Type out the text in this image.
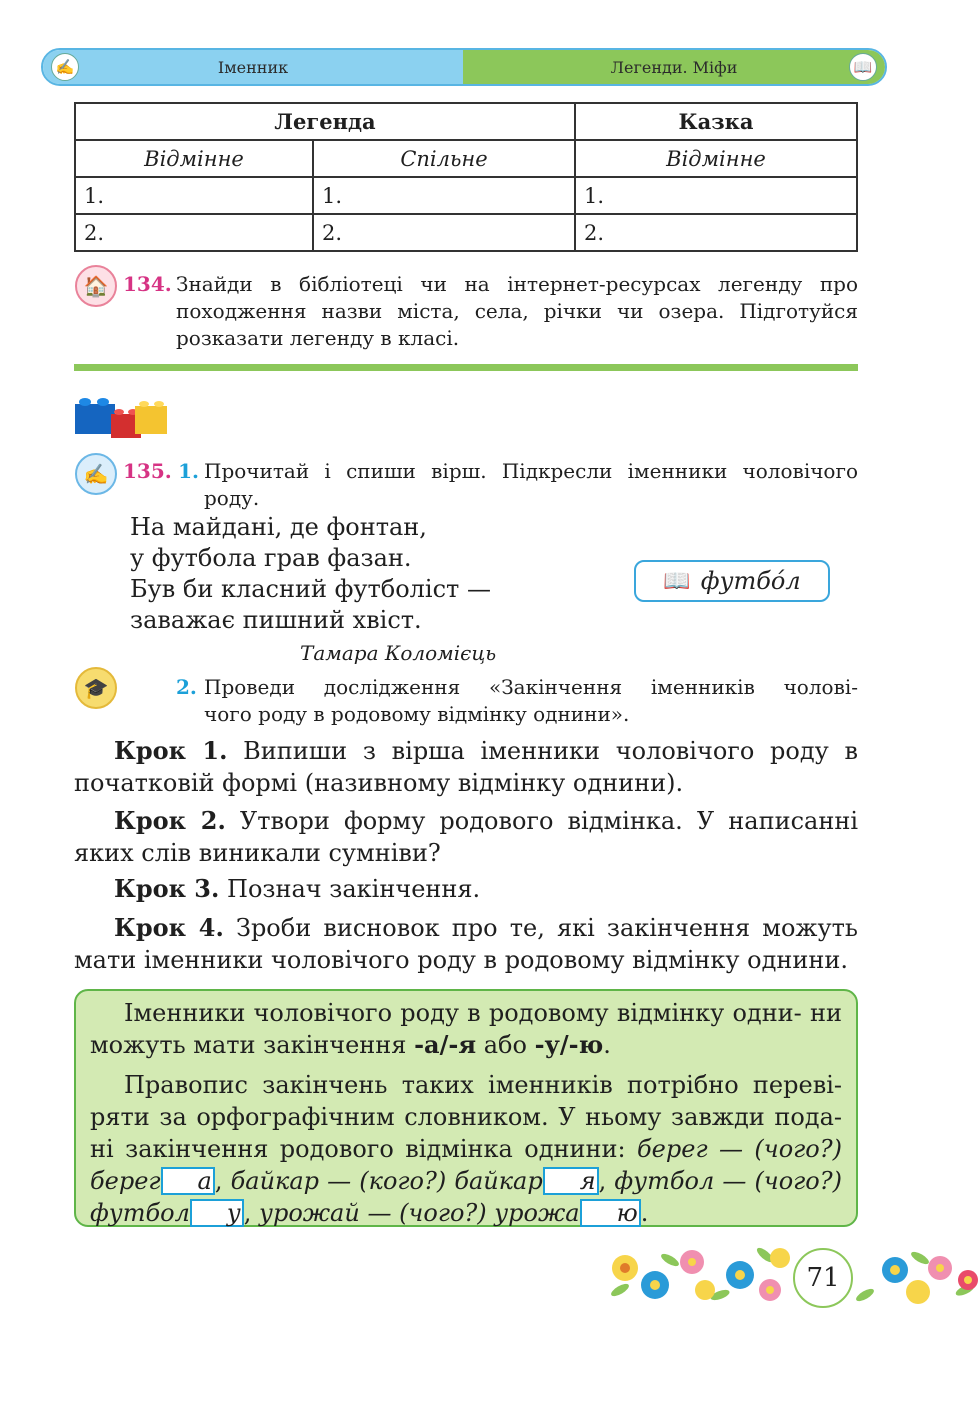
✍	Іменник	Легенди. Міфи	📖
Легенда		Казка
Відмінне	Спільне	Відмінне
1.	1.	1.
2.	2.	2.
🏠 134. Знайди в бібліотеці чи на інтернет-ресурсах легенду про
походження назви міста, села, річки чи озера. Підготуйся
розказати легенду в класі.
✍ 135. 1. Прочитай і спиши вірш. Підкресли іменники чоловічого
роду.
На майдані, де фонтан,
у футбола грав фазан.
Був би класний футболіст —
заважає пишний хвіст.
Тамара Коломієць
📖 футбо́л
🎓	2. Проведи дослідження «Закінчення іменників чолові-
чого роду в родовому відмінку однини».
Крок 1. Випиши з вірша іменники чоловічого роду в початковій формі (називному відмінку однини).
Крок 2. Утвори форму родового відмінка. У написанні яких слів виникали сумніви?
Крок 3. Познач закінчення.
Крок 4. Зроби висновок про те, які закінчення можуть мати іменники чоловічого роду в родовому відмінку однини.

Іменники чоловічого роду в родовому відмінку одни- ни можуть мати закінчення -а/-я або -у/-ю.

Правопис закінчень таких іменників потрібно переві- ряти за орфографічним словником. У ньому завжди пода- ні закінчення родового відмінка однини: берег — (чого?) берег а , байкар — (кого?) байкар я , футбол — (чого?) футбол у , урожай — (чого?) урожа ю .

71
